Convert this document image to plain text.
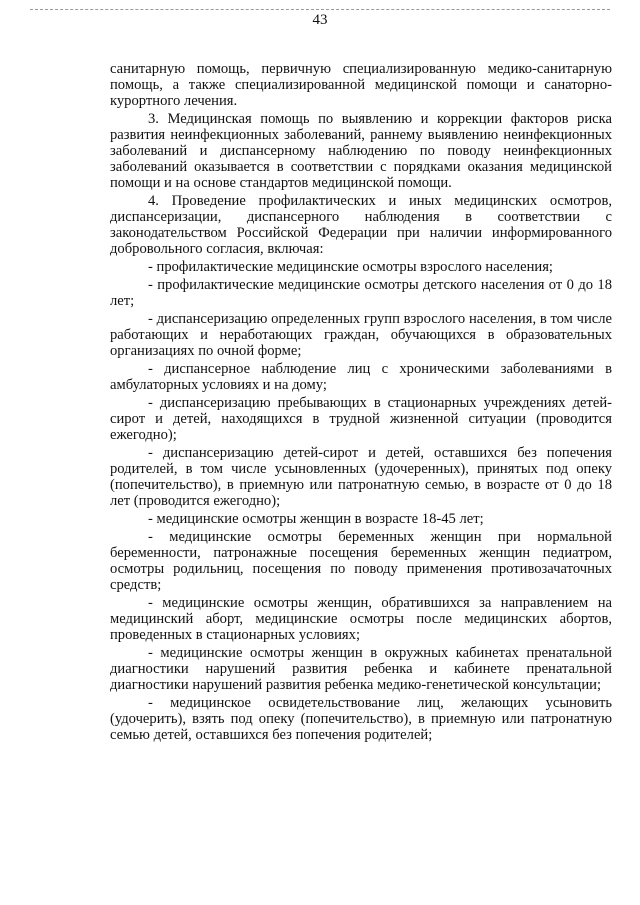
43

санитарную помощь, первичную специализированную медико-санитарную помощь, а также специализированной медицинской помощи и санаторно-курортного лечения.

3. Медицинская помощь по выявлению и коррекции факторов риска развития неинфекционных заболеваний, раннему выявлению неинфекционных заболеваний и диспансерному наблюдению по поводу неинфекционных заболеваний оказывается в соответствии с порядками оказания медицинской помощи и на основе стандартов медицинской помощи.

4. Проведение профилактических и иных медицинских осмотров, диспансеризации, диспансерного наблюдения в соответствии с законодательством Российской Федерации при наличии информированного добровольного согласия, включая:

- профилактические медицинские осмотры взрослого населения;

- профилактические медицинские осмотры детского населения от 0 до 18 лет;

- диспансеризацию определенных групп взрослого населения, в том числе работающих и неработающих граждан, обучающихся в образовательных организациях по очной форме;

- диспансерное наблюдение лиц с хроническими заболеваниями в амбулаторных условиях и на дому;

- диспансеризацию пребывающих в стационарных учреждениях детей-сирот и детей, находящихся в трудной жизненной ситуации (проводится ежегодно);

- диспансеризацию детей-сирот и детей, оставшихся без попечения родителей, в том числе усыновленных (удочеренных), принятых под опеку (попечительство), в приемную или патронатную семью, в возрасте от 0 до 18 лет (проводится ежегодно);

- медицинские осмотры женщин в возрасте 18-45 лет;

- медицинские осмотры беременных женщин при нормальной беременности, патронажные посещения беременных женщин педиатром, осмотры родильниц, посещения по поводу применения противозачаточных средств;

- медицинские осмотры женщин, обратившихся за направлением на медицинский аборт, медицинские осмотры после медицинских абортов, проведенных в стационарных условиях;

- медицинские осмотры женщин в окружных кабинетах пренатальной диагностики нарушений развития ребенка и кабинете пренатальной диагностики нарушений развития ребенка медико-генетической консультации;

- медицинское освидетельствование лиц, желающих усыновить (удочерить), взять под опеку (попечительство), в приемную или патронатную семью детей, оставшихся без попечения родителей;
